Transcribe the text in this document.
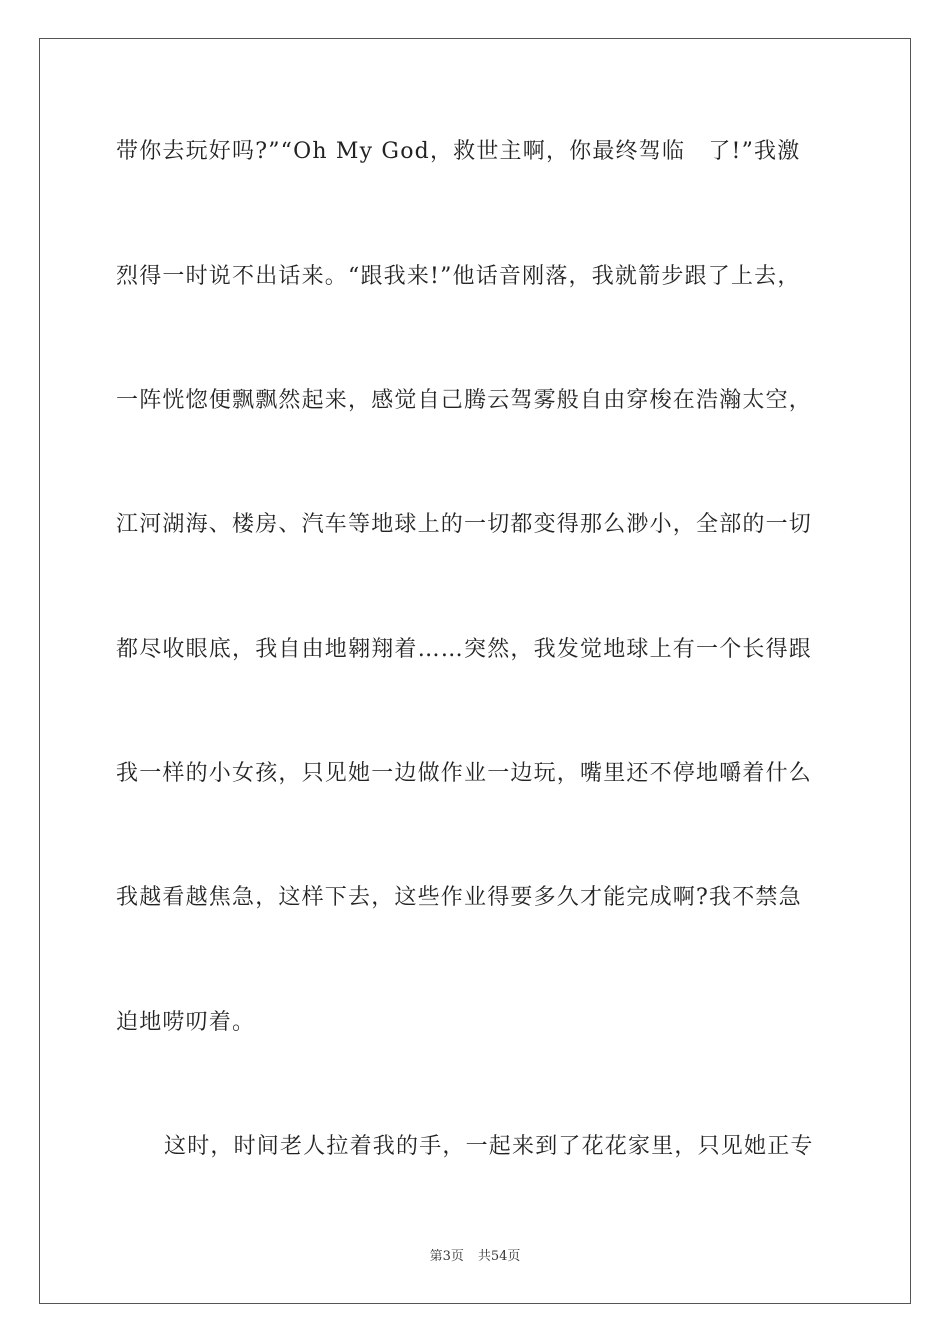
带你去玩好吗?”“Oh My God，救世主啊，你最终驾临　了!”我激
烈得一时说不出话来。“跟我来!”他话音刚落，我就箭步跟了上去，
一阵恍惚便飘飘然起来，感觉自己腾云驾雾般自由穿梭在浩瀚太空，
江河湖海、楼房、汽车等地球上的一切都变得那么渺小，全部的一切
都尽收眼底，我自由地翱翔着……突然，我发觉地球上有一个长得跟
我一样的小女孩，只见她一边做作业一边玩，嘴里还不停地嚼着什么
我越看越焦急，这样下去，这些作业得要多久才能完成啊?我不禁急
迫地唠叨着。
这时，时间老人拉着我的手，一起来到了花花家里，只见她正专
第3页 共54页
